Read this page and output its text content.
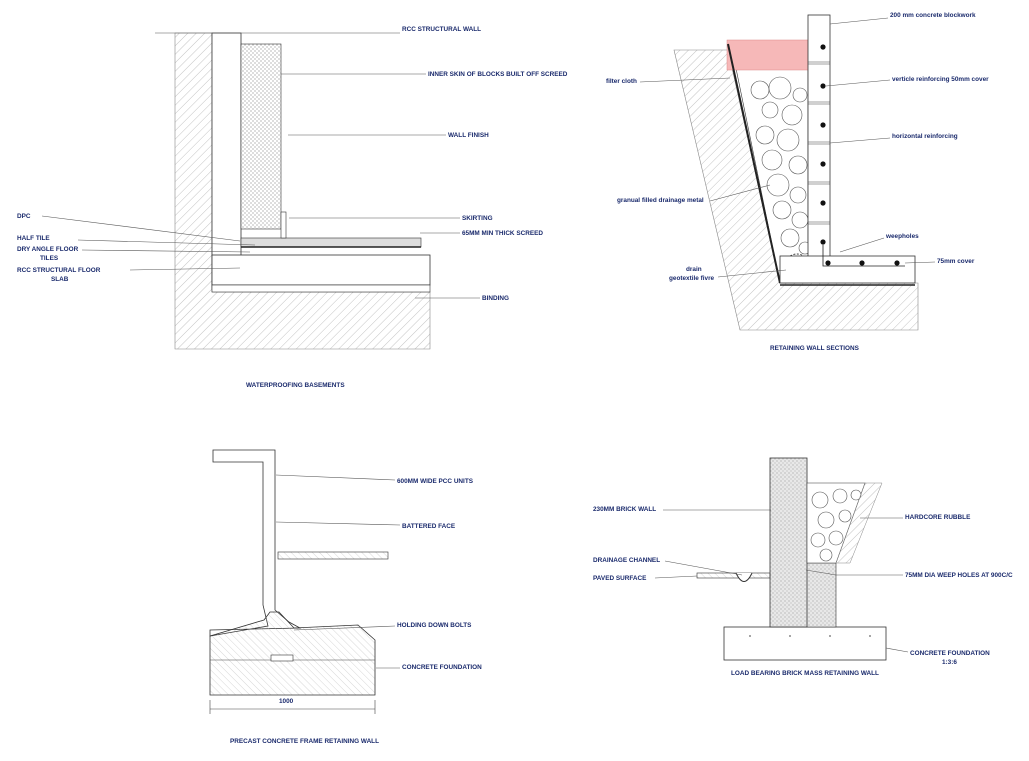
RCC STRUCTURAL WALL
INNER SKIN OF BLOCKS BUILT OFF SCREED
WALL FINISH
DPC	SKIRTING
65MM MIN THICK SCREED
HALF TILE
DRY ANGLE FLOOR
TILES
RCC STRUCTURAL FLOOR
SLAB
BINDING
WATERPROOFING BASEMENTS
200 mm concrete blockwork
filter cloth	verticle reinforcing 50mm cover
horizontal reinforcing
granual filled drainage metal
weepholes
75mm cover
drain
geotextile fivre
RETAINING WALL SECTIONS
600MM WIDE PCC UNITS
BATTERED FACE
HOLDING DOWN BOLTS
CONCRETE FOUNDATION
1000
PRECAST CONCRETE FRAME RETAINING WALL
230MM BRICK WALL
HARDCORE RUBBLE
DRAINAGE CHANNEL
PAVED SURFACE	75MM DIA WEEP HOLES AT 900C/C
CONCRETE FOUNDATION
1:3:6
LOAD BEARING BRICK MASS RETAINING WALL
